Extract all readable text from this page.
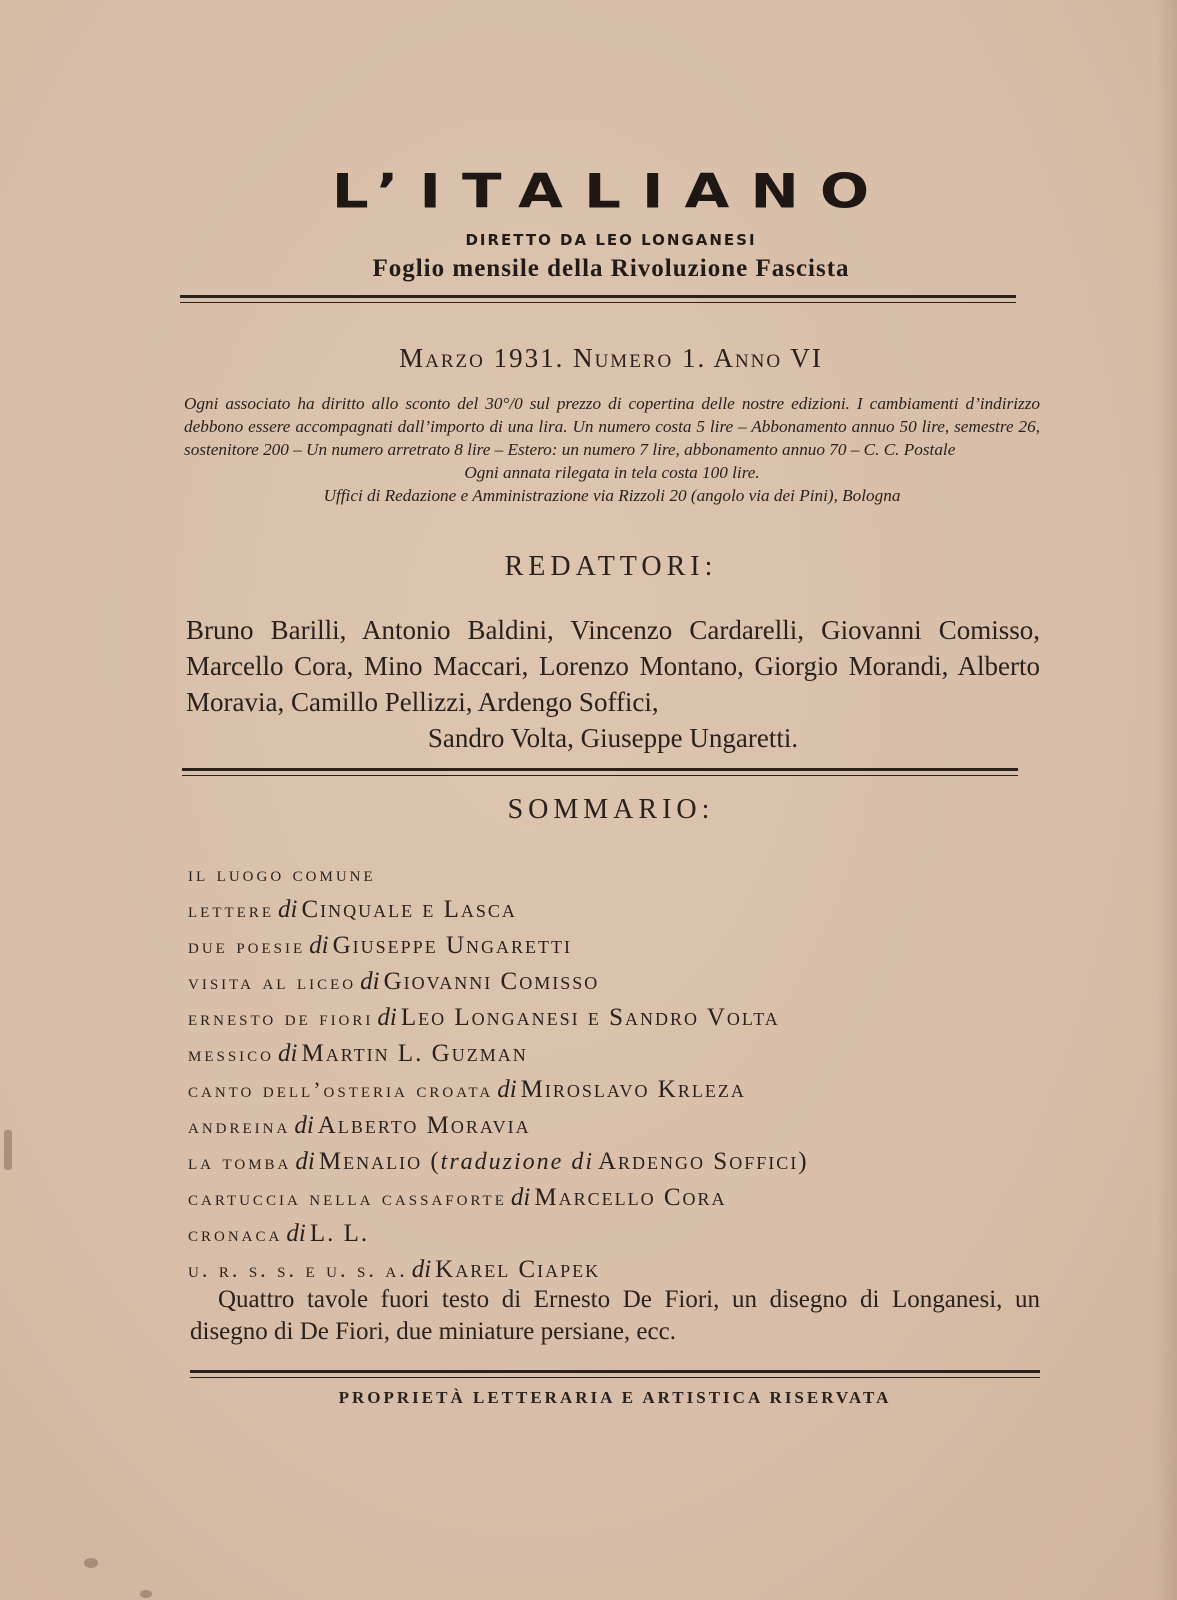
L’ITALIANO
DIRETTO DA LEO LONGANESI
Foglio mensile della Rivoluzione Fascista
Marzo 1931. Numero 1. Anno VI

Ogni associato ha diritto allo sconto del 30°/0 sul prezzo di copertina delle nostre edizioni. I cambiamenti d’indirizzo debbono essere accompagnati dall’importo di una lira. Un numero costa 5 lire – Abbonamento annuo 50 lire, semestre 26, sostenitore 200 – Un numero arretrato 8 lire – Estero: un numero 7 lire, abbonamento annuo 70 – C. C. Postale

Ogni annata rilegata in tela costa 100 lire.

Uffici di Redazione e Amministrazione via Rizzoli 20 (angolo via dei Pini), Bologna

REDATTORI:
Bruno Barilli, Antonio Baldini, Vincenzo Cardarelli, Giovanni Comisso, Marcello Cora, Mino Maccari, Lorenzo Montano, Giorgio Morandi, Alberto Moravia, Camillo Pellizzi, Ardengo Soffici,
Sandro Volta, Giuseppe Ungaretti.
SOMMARIO:
il luogo comune
lettere di Cinquale e Lasca
due poesie di Giuseppe Ungaretti
visita al liceo di Giovanni Comisso
ernesto de fiori di Leo Longanesi e Sandro Volta
messico di Martin L. Guzman
canto dell’osteria croata di Miroslavo Krleza
andreina di Alberto Moravia
la tomba di Menalio (traduzione di Ardengo Soffici)
cartuccia nella cassaforte di Marcello Cora
cronaca di L. L.
u. r. s. s. e u. s. a. di Karel Ciapek
Quattro tavole fuori testo di Ernesto De Fiori, un disegno di Longanesi, un disegno di De Fiori, due miniature persiane, ecc.
PROPRIETÀ LETTERARIA E ARTISTICA RISERVATA
